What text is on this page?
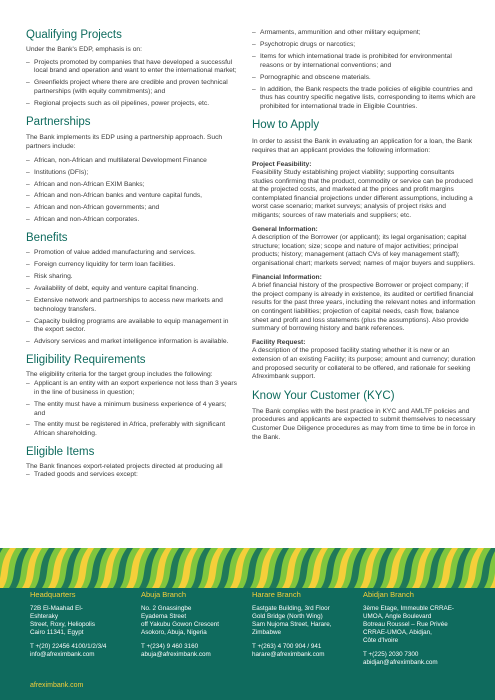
Qualifying Projects

Under the Bank's EDP, emphasis is on:

– Projects promoted by companies that have developed a successful local brand and operation and want to enter the international market;
– Greenfields project where there are credible and proven technical partnerships (with equity commitments); and
– Regional projects such as oil pipelines, power projects, etc.
Partnerships

The Bank implements its EDP using a partnership approach. Such partners include:

– African, non-African and multilateral Development Finance
– Institutions (DFIs);
– African and non-African EXIM Banks;
– African and non-African banks and venture capital funds,
– African and non-African governments; and
– African and non-African corporates.
Benefits
– Promotion of value added manufacturing and services.
– Foreign currency liquidity for term loan facilities.
– Risk sharing.
– Availability of debt, equity and venture capital financing.
– Extensive network and partnerships to access new markets and technology transfers.
– Capacity building programs are available to equip management in the export sector.
– Advisory services and market intelligence information is available.
Eligibility Requirements

The eligibility criteria for the target group includes the following:

– Applicant is an entity with an export experience not less than 3 years in the line of business in question;
– The entity must have a minimum business experience of 4 years; and
– The entity must be registered in Africa, preferably with significant African shareholding.
Eligible Items

The Bank finances export-related projects directed at producing all

– Traded goods and services except:
– Armaments, ammunition and other military equipment;
– Psychotropic drugs or narcotics;
– Items for which international trade is prohibited for environmental reasons or by international conventions; and
– Pornographic and obscene materials.
– In addition, the Bank respects the trade policies of eligible countries and thus has country specific negative lists, corresponding to items which are prohibited for international trade in Eligible Countries.
How to Apply

In order to assist the Bank in evaluating an application for a loan, the Bank requires that an applicant provides the following information:

Project Feasibility:

Feasibility Study establishing project viability; supporting consultants studies confirming that the product, commodity or service can be produced at the projected costs, and marketed at the prices and profit margins contemplated financial projections under different assumptions, including a worst case scenario; market surveys; analysis of project risks and mitigants; sources of raw materials and suppliers; etc.

General Information:

A description of the Borrower (or applicant); its legal organisation; capital structure; location; size; scope and nature of major activities; principal products; history; management (attach CVs of key management staff); organisational chart; markets served; names of major buyers and suppliers.

Financial Information:

A brief financial history of the prospective Borrower or project company; if the project company is already in existence, its audited or certified financial results for the past three years, including the relevant notes and information on contingent liabilities; projection of capital needs, cash flow, balance sheet and profit and loss statements (plus the assumptions). Also provide summary of borrowing history and bank references.

Facility Request:

A description of the proposed facility stating whether it is new or an extension of an existing Facility; its purpose; amount and currency; duration and proposed security or collateral to be offered, and rationale for seeking Afreximbank support.

Know Your Customer (KYC)

The Bank complies with the best practice in KYC and AMLTF policies and procedures and applicants are expected to submit themselves to necessary Customer Due Diligence procedures as may from time to time be in force in the Bank.

Headquarters

72B El-Maahad El-Eshteraky

Street, Roxy, Heliopolis

Cairo 11341, Egypt

T +(20) 22456 4100/1/2/3/4

info@afreximbank.com

Abuja Branch

No. 2 Gnassingbe

Eyadema Street

off Yakubu Gowon Crescent

Asokoro, Abuja, Nigeria

T +(234) 9 460 3160

abuja@afreximbank.com

Harare Branch

Eastgate Building, 3rd Floor

Gold Bridge (North Wing)

Sam Nujoma Street, Harare,

Zimbabwe

T +(263) 4 700 904 / 941

harare@afreximbank.com

Abidjan Branch

3ème Etage, Immeuble CRRAE-

UMOA, Angle Boulevard

Botreau Roussel – Rue Privée

CRRAE-UMOA, Abidjan,

Côte d'Ivoire

T +(225) 2030 7300

abidjan@afreximbank.com

afreximbank.com
